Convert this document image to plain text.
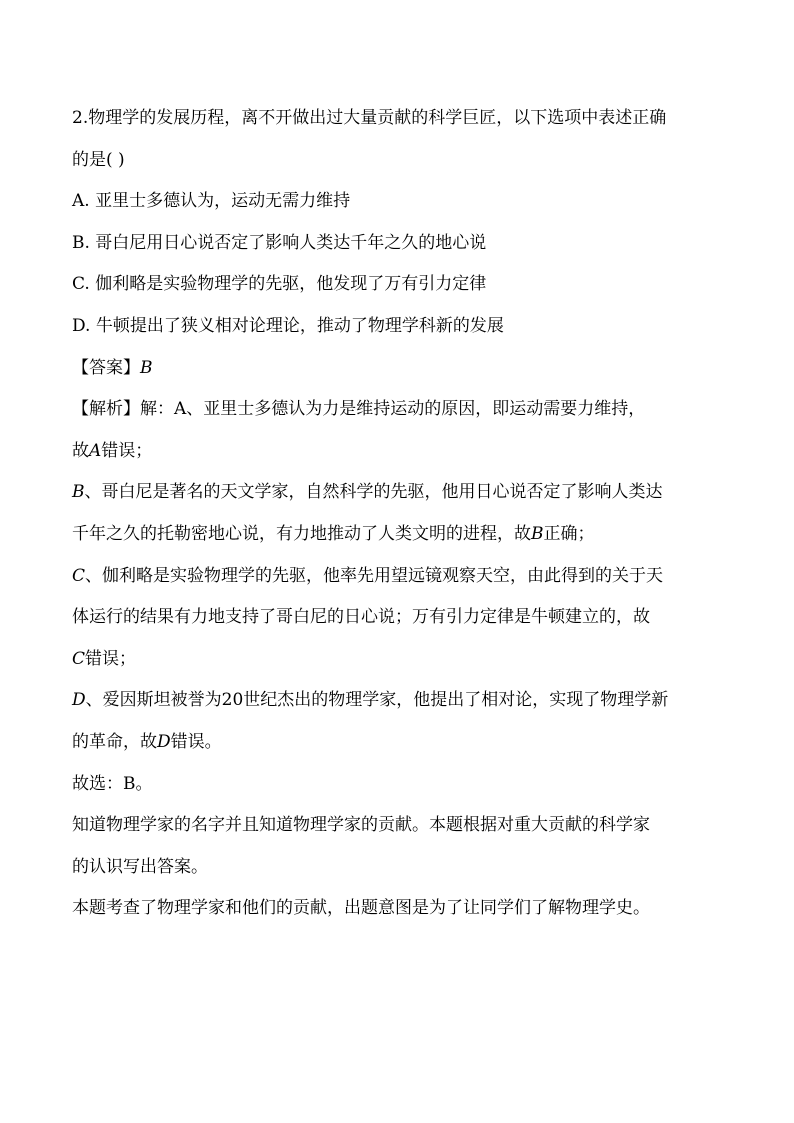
2.物理学的发展历程，离不开做出过大量贡献的科学巨匠，以下选项中表述正确
的是( )
A. 亚里士多德认为，运动无需力维持
B. 哥白尼用日心说否定了影响人类达千年之久的地心说
C. 伽利略是实验物理学的先驱，他发现了万有引力定律
D. 牛顿提出了狭义相对论理论，推动了物理学科新的发展
【答案】B
【解析】解：A、亚里士多德认为力是维持运动的原因，即运动需要力维持，
故A错误；
B、哥白尼是著名的天文学家，自然科学的先驱，他用日心说否定了影响人类达
千年之久的托勒密地心说，有力地推动了人类文明的进程，故B正确；
C、伽利略是实验物理学的先驱，他率先用望远镜观察天空，由此得到的关于天
体运行的结果有力地支持了哥白尼的日心说；万有引力定律是牛顿建立的，故
C错误；
D、爱因斯坦被誉为20世纪杰出的物理学家，他提出了相对论，实现了物理学新
的革命，故D错误。
故选：B。
知道物理学家的名字并且知道物理学家的贡献。本题根据对重大贡献的科学家
的认识写出答案。
本题考查了物理学家和他们的贡献，出题意图是为了让同学们了解物理学史。
